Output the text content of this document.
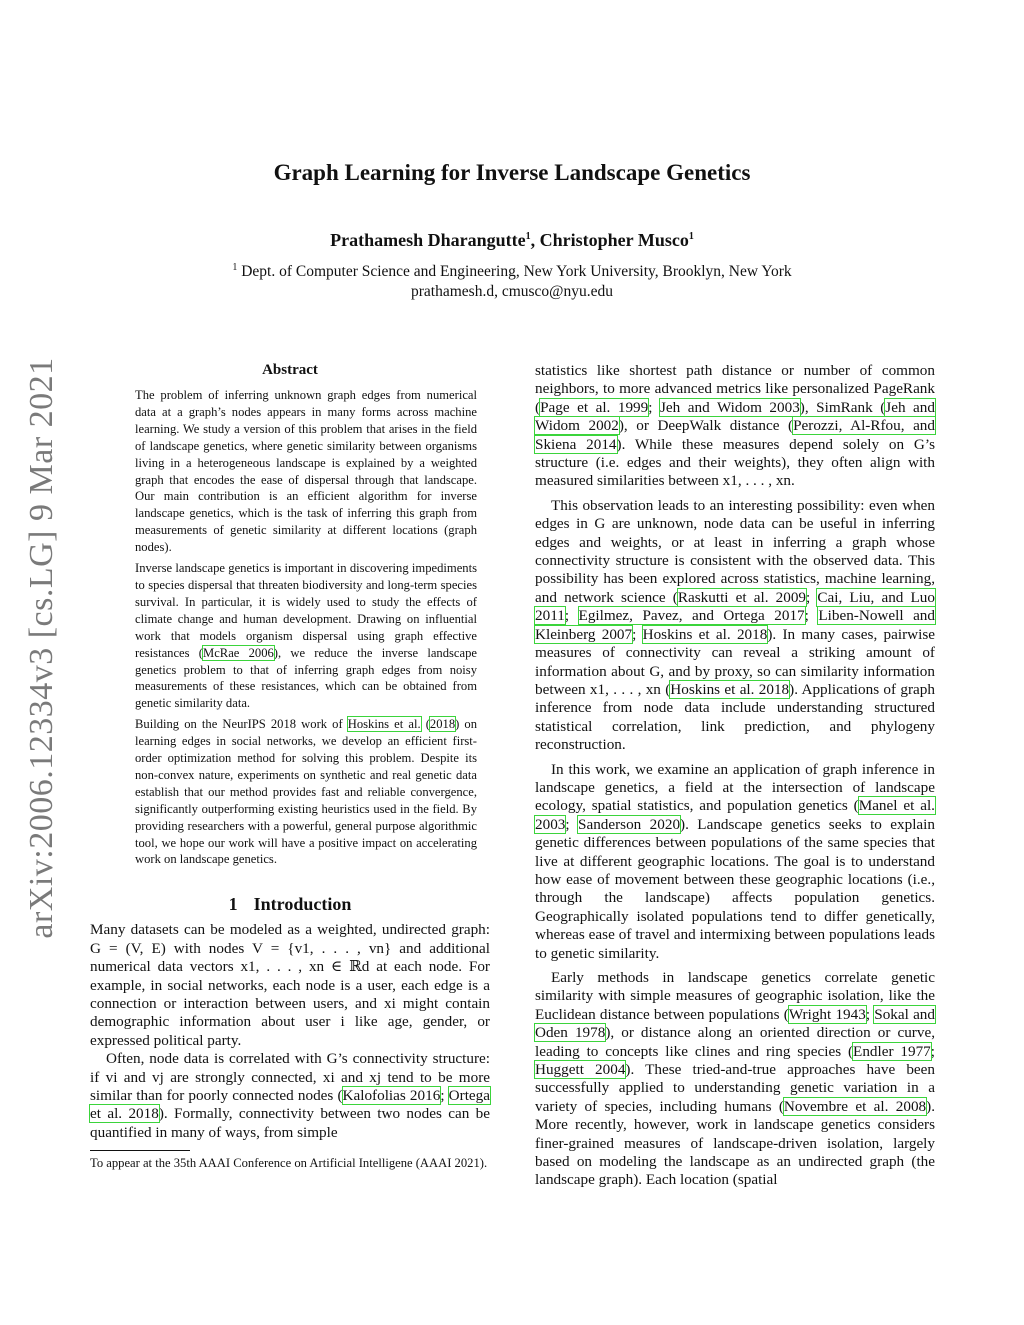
arXiv:2006.12334v3 [cs.LG] 9 Mar 2021
Graph Learning for Inverse Landscape Genetics
Prathamesh Dharangutte$^1$, Christopher Musco$^1$
$^1$ Dept. of Computer Science and Engineering, New York University, Brooklyn, New York
prathamesh.d, cmusco@nyu.edu
Abstract

The problem of inferring unknown graph edges from numerical data at a graph’s nodes appears in many forms across machine learning. We study a version of this problem that arises in the field of landscape genetics, where genetic similarity between organisms living in a heterogeneous landscape is explained by a weighted graph that encodes the ease of dispersal through that landscape. Our main contribution is an efficient algorithm for inverse landscape genetics, which is the task of inferring this graph from measurements of genetic similarity at different locations (graph nodes).

Inverse landscape genetics is important in discovering impediments to species dispersal that threaten biodiversity and long-term species survival. In particular, it is widely used to study the effects of climate change and human development. Drawing on influential work that models organism dispersal using graph effective resistances (McRae 2006), we reduce the inverse landscape genetics problem to that of inferring graph edges from noisy measurements of these resistances, which can be obtained from genetic similarity data.

Building on the NeurIPS 2018 work of Hoskins et al. (2018) on learning edges in social networks, we develop an efficient first-order optimization method for solving this problem. Despite its non-convex nature, experiments on synthetic and real genetic data establish that our method provides fast and reliable convergence, significantly outperforming existing heuristics used in the field. By providing researchers with a powerful, general purpose algorithmic tool, we hope our work will have a positive impact on accelerating work on landscape genetics.

1 Introduction

Many datasets can be modeled as a weighted, undirected graph: G = (V, E) with nodes V = {v1, . . . , vn} and additional numerical data vectors x1, . . . , xn ∈ ℝd at each node. For example, in social networks, each node is a user, each edge is a connection or interaction between users, and xi might contain demographic information about user i like age, gender, or expressed political party.

Often, node data is correlated with G’s connectivity structure: if vi and vj are strongly connected, xi and xj tend to be more similar than for poorly connected nodes (Kalofolias 2016; Ortega et al. 2018). Formally, connectivity between two nodes can be quantified in many of ways, from simple

To appear at the 35th AAAI Conference on Artificial Intelligene (AAAI 2021).

statistics like shortest path distance or number of common neighbors, to more advanced metrics like personalized PageRank (Page et al. 1999; Jeh and Widom 2003), SimRank (Jeh and Widom 2002), or DeepWalk distance (Perozzi, Al-Rfou, and Skiena 2014). While these measures depend solely on G’s structure (i.e. edges and their weights), they often align with measured similarities between x1, . . . , xn.

This observation leads to an interesting possibility: even when edges in G are unknown, node data can be useful in inferring edges and weights, or at least in inferring a graph whose connectivity structure is consistent with the observed data. This possibility has been explored across statistics, machine learning, and network science (Raskutti et al. 2009; Cai, Liu, and Luo 2011; Egilmez, Pavez, and Ortega 2017; Liben-Nowell and Kleinberg 2007; Hoskins et al. 2018). In many cases, pairwise measures of connectivity can reveal a striking amount of information about G, and by proxy, so can similarity information between x1, . . . , xn (Hoskins et al. 2018). Applications of graph inference from node data include understanding structured statistical correlation, link prediction, and phylogeny reconstruction.

In this work, we examine an application of graph inference in landscape genetics, a field at the intersection of landscape ecology, spatial statistics, and population genetics (Manel et al. 2003; Sanderson 2020). Landscape genetics seeks to explain genetic differences between populations of the same species that live at different geographic locations. The goal is to understand how ease of movement between these geographic locations (i.e., through the landscape) affects population genetics. Geographically isolated populations tend to differ genetically, whereas ease of travel and intermixing between populations leads to genetic similarity.

Early methods in landscape genetics correlate genetic similarity with simple measures of geographic isolation, like the Euclidean distance between populations (Wright 1943; Sokal and Oden 1978), or distance along an oriented direction or curve, leading to concepts like clines and ring species (Endler 1977; Huggett 2004). These tried-and-true approaches have been successfully applied to understanding genetic variation in a variety of species, including humans (Novembre et al. 2008). More recently, however, work in landscape genetics considers finer-grained measures of landscape-driven isolation, largely based on modeling the landscape as an undirected graph (the landscape graph). Each location (spatial
